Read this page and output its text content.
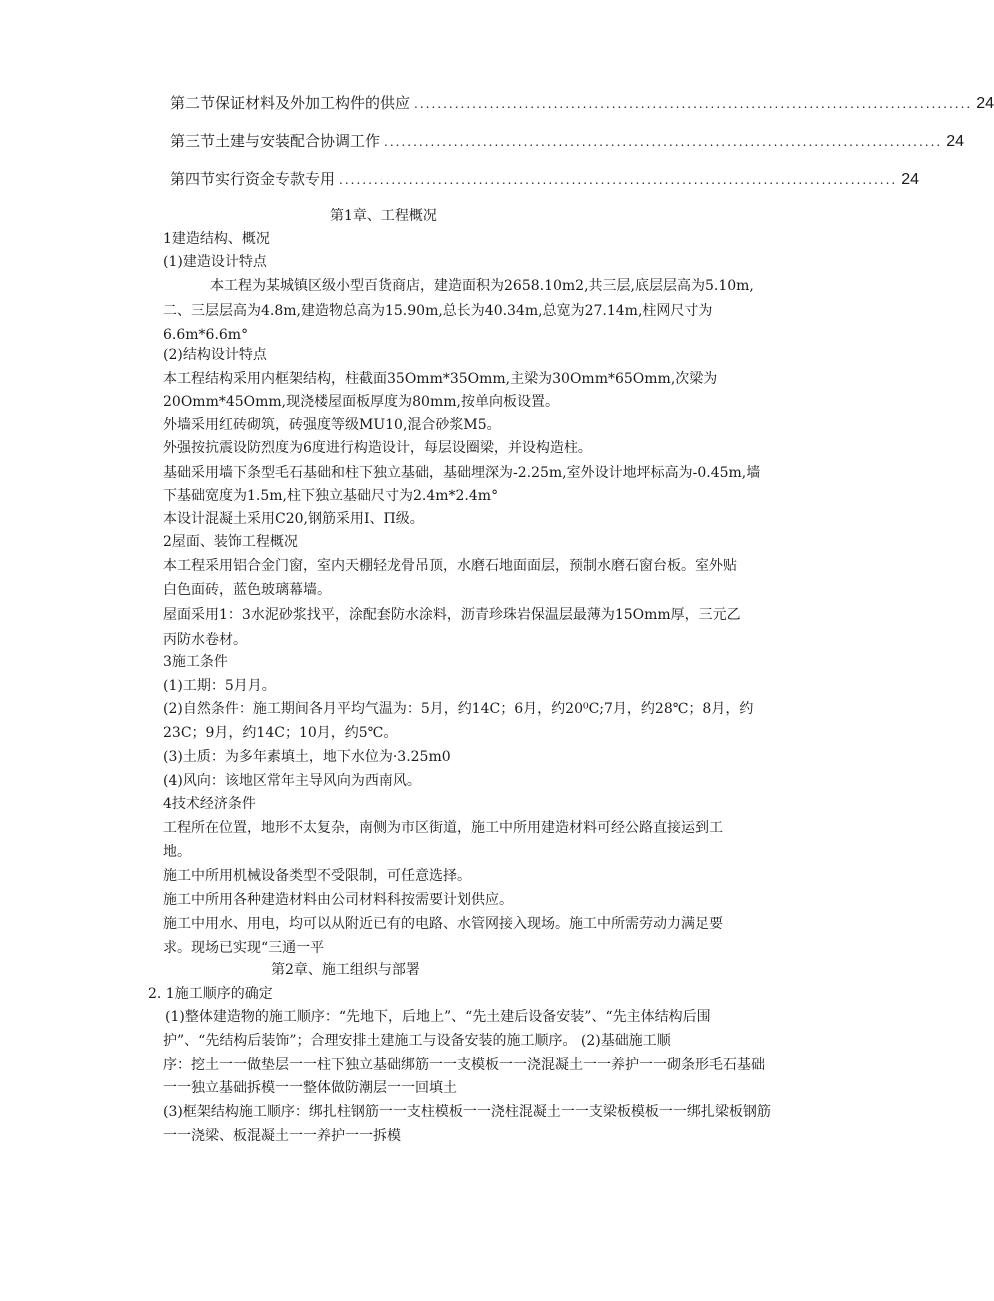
第二节保证材料及外加工构件的供应 ................................................................................................ 24
第三节土建与安装配合协调工作 ................................................................................................ 24
第四节实行资金专款专用 ................................................................................................ 24
第1章、工程概况
1建造结构、概况
(1)建造设计特点
本工程为某城镇区级小型百货商店，建造面积为2658.10m2,共三层,底层层高为5.10m,
二、三层层高为4.8m,建造物总高为15.90m,总长为40.34m,总宽为27.14m,柱网尺寸为
6.6m*6.6m°
(2)结构设计特点
本工程结构采用内框架结构，柱截面35Omm*35Omm,主梁为30Omm*65Omm,次梁为
20Omm*45Omm,现浇楼屋面板厚度为80mm,按单向板设置。
外墙采用红砖砌筑，砖强度等级MU10,混合砂浆M5。
外强按抗震设防烈度为6度进行构造设计，每层设圈梁，并设构造柱。
基础采用墙下条型毛石基础和柱下独立基础，基础埋深为-2.25m,室外设计地坪标高为-0.45m,墙
下基础宽度为1.5m,柱下独立基础尺寸为2.4m*2.4m°
本设计混凝土采用C20,钢筋采用I、П级。
2屋面、装饰工程概况
本工程采用铝合金门窗，室内天棚轻龙骨吊顶，水磨石地面面层，预制水磨石窗台板。室外贴
白色面砖，蓝色玻璃幕墙。
屋面采用1：3水泥砂浆找平，涂配套防水涂料，沥青珍珠岩保温层最薄为15Omm厚，三元乙
丙防水卷材。
3施工条件
(1)工期：5月月。
(2)自然条件：施工期间各月平均气温为：5月，约14C；6月，约20⁰C;7月，约28℃；8月，约
23C；9月，约14C；10月，约5℃。
(3)土质：为多年素填土，地下水位为·3.25m0
(4)风向：该地区常年主导风向为西南风。
4技术经济条件
工程所在位置，地形不太复杂，南侧为市区街道，施工中所用建造材料可经公路直接运到工
地。
施工中所用机械设备类型不受限制，可任意选择。
施工中所用各种建造材料由公司材料科按需要计划供应。
施工中用水、用电，均可以从附近已有的电路、水管网接入现场。施工中所需劳动力满足要
求。现场已实现“三通一平
第2章、施工组织与部署
2. 1施工顺序的确定
(1)整体建造物的施工顺序：“先地下，后地上”、“先土建后设备安装”、“先主体结构后围
护”、“先结构后装饰”；合理安排土建施工与设备安装的施工顺序。 (2)基础施工顺
序：挖土一一做垫层一一柱下独立基础绑筋一一支模板一一浇混凝土一一养护一一砌条形毛石基础
一一独立基础拆模一一整体做防潮层一一回填土
(3)框架结构施工顺序：绑扎柱钢筋一一支柱模板一一浇柱混凝土一一支梁板模板一一绑扎梁板钢筋
一一浇梁、板混凝土一一养护一一拆模
